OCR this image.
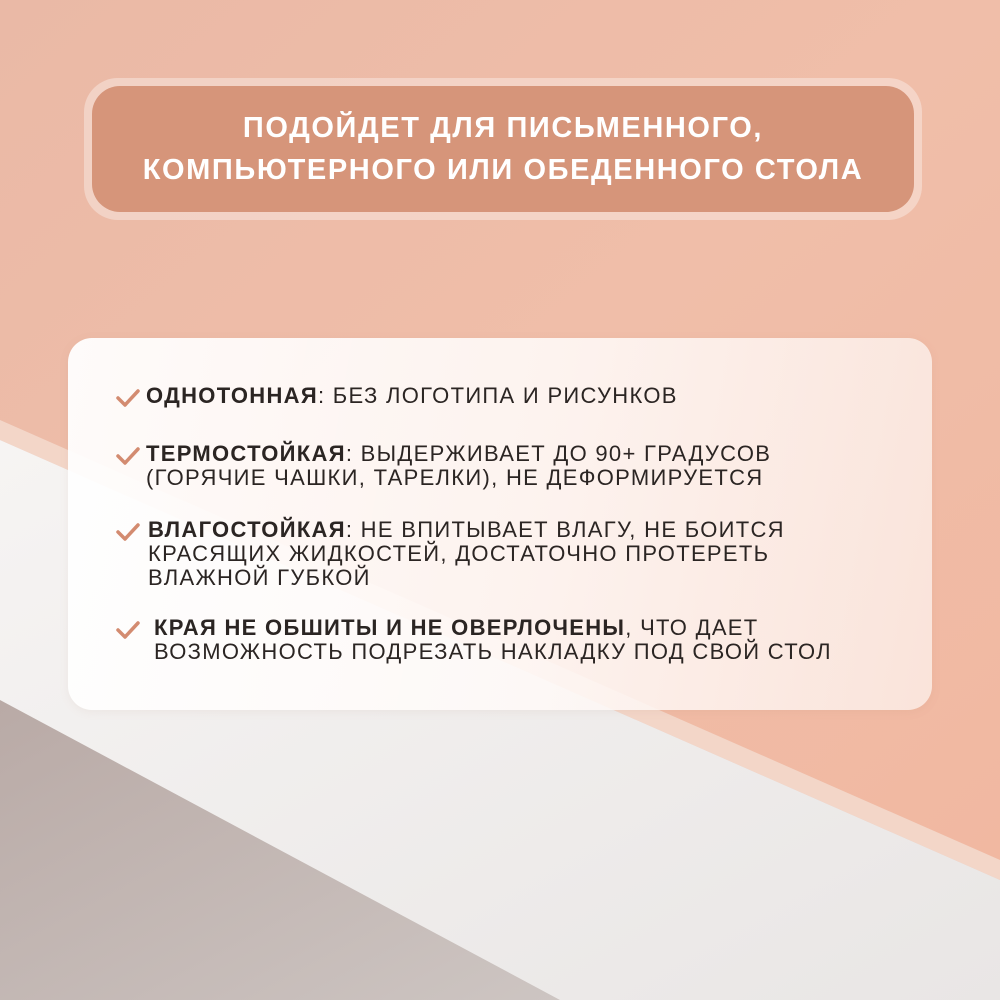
ПОДОЙДЕТ ДЛЯ ПИСЬМЕННОГО,
КОМПЬЮТЕРНОГО ИЛИ ОБЕДЕННОГО СТОЛА
ОДНОТОННАЯ: БЕЗ ЛОГОТИПА И РИСУНКОВ
ТЕРМОСТОЙКАЯ: ВЫДЕРЖИВАЕТ ДО 90+ ГРАДУСОВ
(ГОРЯЧИЕ ЧАШКИ, ТАРЕЛКИ), НЕ ДЕФОРМИРУЕТСЯ
ВЛАГОСТОЙКАЯ: НЕ ВПИТЫВАЕТ ВЛАГУ, НЕ БОИТСЯ
КРАСЯЩИХ ЖИДКОСТЕЙ, ДОСТАТОЧНО ПРОТЕРЕТЬ
ВЛАЖНОЙ ГУБКОЙ
КРАЯ НЕ ОБШИТЫ И НЕ ОВЕРЛОЧЕНЫ, ЧТО ДАЕТ
ВОЗМОЖНОСТЬ ПОДРЕЗАТЬ НАКЛАДКУ ПОД СВОЙ СТОЛ
